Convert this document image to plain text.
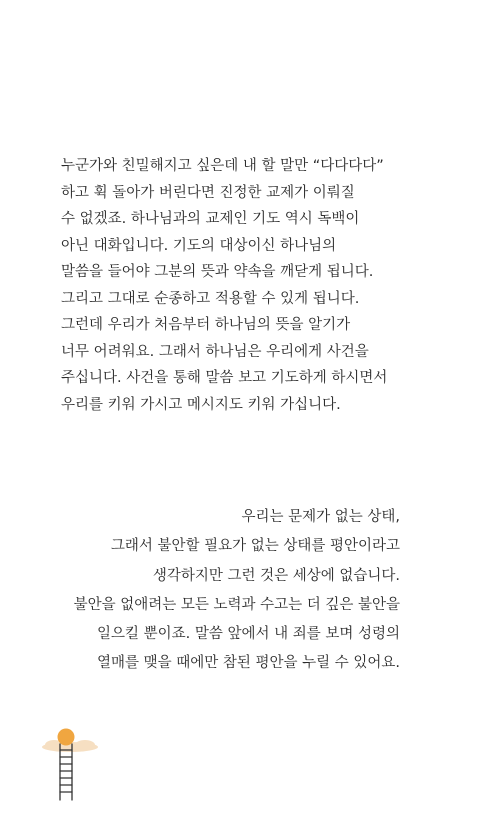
누군가와 친밀해지고 싶은데 내 할 말만 “다다다다”
하고 휙 돌아가 버린다면 진정한 교제가 이뤄질
수 없겠죠. 하나님과의 교제인 기도 역시 독백이
아닌 대화입니다. 기도의 대상이신 하나님의
말씀을 들어야 그분의 뜻과 약속을 깨닫게 됩니다.
그리고 그대로 순종하고 적용할 수 있게 됩니다.
그런데 우리가 처음부터 하나님의 뜻을 알기가
너무 어려워요. 그래서 하나님은 우리에게 사건을
주십니다. 사건을 통해 말씀 보고 기도하게 하시면서
우리를 키워 가시고 메시지도 키워 가십니다.
우리는 문제가 없는 상태,
그래서 불안할 필요가 없는 상태를 평안이라고
생각하지만 그런 것은 세상에 없습니다.
불안을 없애려는 모든 노력과 수고는 더 깊은 불안을
일으킬 뿐이죠. 말씀 앞에서 내 죄를 보며 성령의
열매를 맺을 때에만 참된 평안을 누릴 수 있어요.
